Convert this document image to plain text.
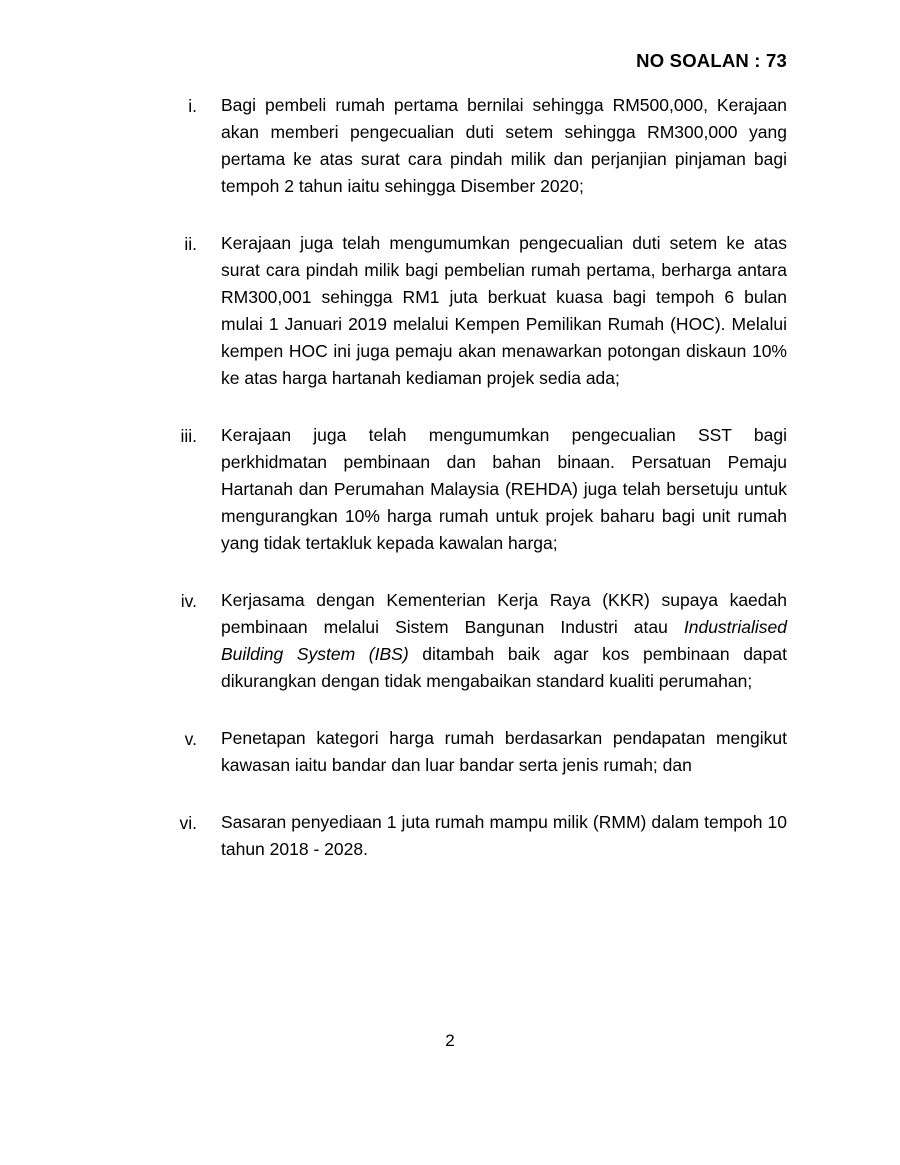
NO SOALAN : 73
i.	Bagi pembeli rumah pertama bernilai sehingga RM500,000, Kerajaan akan memberi pengecualian duti setem sehingga RM300,000 yang pertama ke atas surat cara pindah milik dan perjanjian pinjaman bagi tempoh 2 tahun iaitu sehingga Disember 2020;
ii.	Kerajaan juga telah mengumumkan pengecualian duti setem ke atas surat cara pindah milik bagi pembelian rumah pertama, berharga antara RM300,001 sehingga RM1 juta berkuat kuasa bagi tempoh 6 bulan mulai 1 Januari 2019 melalui Kempen Pemilikan Rumah (HOC). Melalui kempen HOC ini juga pemaju akan menawarkan potongan diskaun 10% ke atas harga hartanah kediaman projek sedia ada;
iii.	Kerajaan juga telah mengumumkan pengecualian SST bagi perkhidmatan pembinaan dan bahan binaan. Persatuan Pemaju Hartanah dan Perumahan Malaysia (REHDA) juga telah bersetuju untuk mengurangkan 10% harga rumah untuk projek baharu bagi unit rumah yang tidak tertakluk kepada kawalan harga;
iv.	Kerjasama dengan Kementerian Kerja Raya (KKR) supaya kaedah pembinaan melalui Sistem Bangunan Industri atau Industrialised Building System (IBS) ditambah baik agar kos pembinaan dapat dikurangkan dengan tidak mengabaikan standard kualiti perumahan;
v.	Penetapan kategori harga rumah berdasarkan pendapatan mengikut kawasan iaitu bandar dan luar bandar serta jenis rumah; dan
vi.	Sasaran penyediaan 1 juta rumah mampu milik (RMM) dalam tempoh 10 tahun 2018 - 2028.
2
